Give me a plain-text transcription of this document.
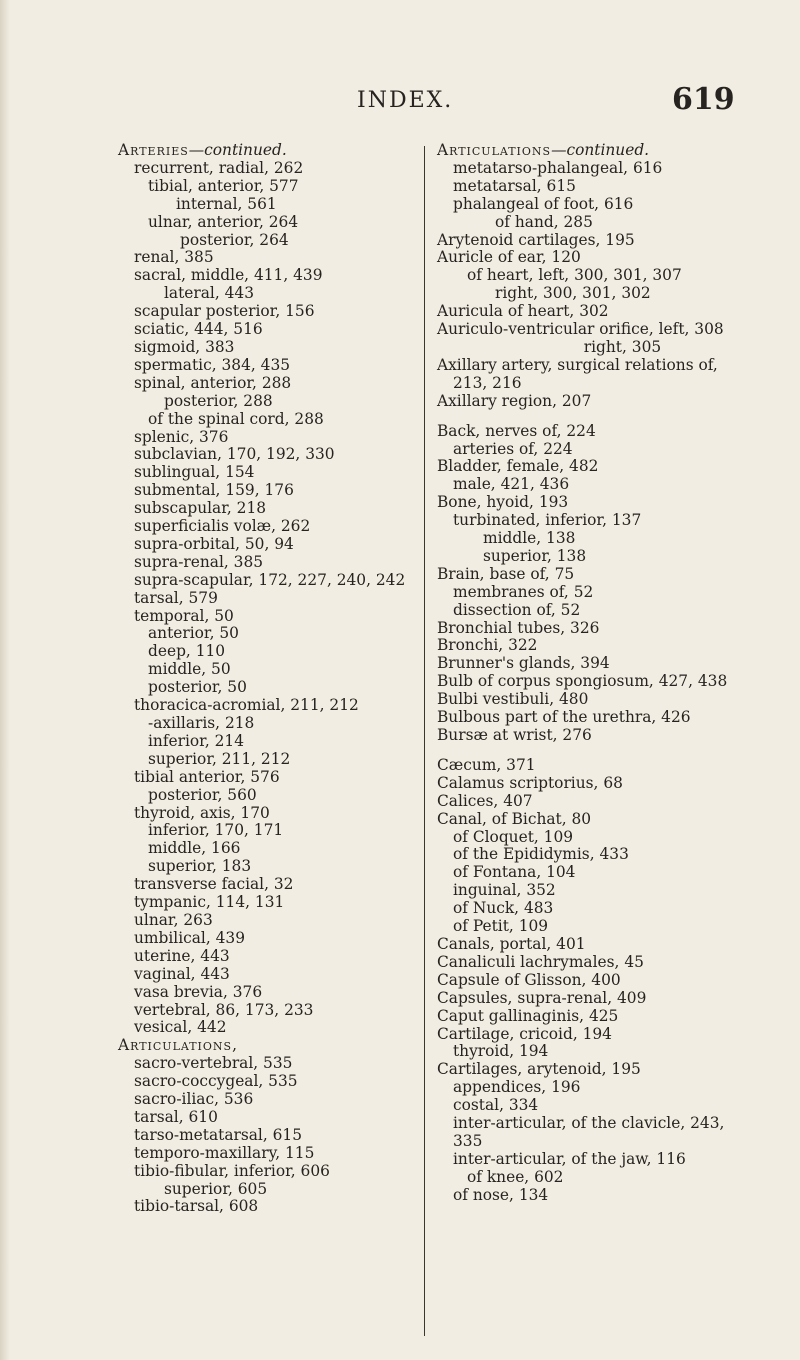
INDEX.	619
Arteries—continued.
recurrent, radial, 262
tibial, anterior, 577
internal, 561
ulnar, anterior, 264
posterior, 264
renal, 385
sacral, middle, 411, 439
lateral, 443
scapular posterior, 156
sciatic, 444, 516
sigmoid, 383
spermatic, 384, 435
spinal, anterior, 288
posterior, 288
of the spinal cord, 288
splenic, 376
subclavian, 170, 192, 330
sublingual, 154
submental, 159, 176
subscapular, 218
superficialis volæ, 262
supra-orbital, 50, 94
supra-renal, 385
supra-scapular, 172, 227, 240, 242
tarsal, 579
temporal, 50
anterior, 50
deep, 110
middle, 50
posterior, 50
thoracica-acromial, 211, 212
-axillaris, 218
inferior, 214
superior, 211, 212
tibial anterior, 576
posterior, 560
thyroid, axis, 170
inferior, 170, 171
middle, 166
superior, 183
transverse facial, 32
tympanic, 114, 131
ulnar, 263
umbilical, 439
uterine, 443
vaginal, 443
vasa brevia, 376
vertebral, 86, 173, 233
vesical, 442
Articulations,
sacro-vertebral, 535
sacro-coccygeal, 535
sacro-iliac, 536
tarsal, 610
tarso-metatarsal, 615
temporo-maxillary, 115
tibio-fibular, inferior, 606
superior, 605
tibio-tarsal, 608
Articulations—continued.
metatarso-phalangeal, 616
metatarsal, 615
phalangeal of foot, 616
of hand, 285
Arytenoid cartilages, 195
Auricle of ear, 120
of heart, left, 300, 301, 307
right, 300, 301, 302
Auricula of heart, 302
Auriculo-ventricular orifice, left, 308
right, 305
Axillary artery, surgical relations of,
213, 216
Axillary region, 207
Back, nerves of, 224
arteries of, 224
Bladder, female, 482
male, 421, 436
Bone, hyoid, 193
turbinated, inferior, 137
middle, 138
superior, 138
Brain, base of, 75
membranes of, 52
dissection of, 52
Bronchial tubes, 326
Bronchi, 322
Brunner's glands, 394
Bulb of corpus spongiosum, 427, 438
Bulbi vestibuli, 480
Bulbous part of the urethra, 426
Bursæ at wrist, 276
Cæcum, 371
Calamus scriptorius, 68
Calices, 407
Canal, of Bichat, 80
of Cloquet, 109
of the Epididymis, 433
of Fontana, 104
inguinal, 352
of Nuck, 483
of Petit, 109
Canals, portal, 401
Canaliculi lachrymales, 45
Capsule of Glisson, 400
Capsules, supra-renal, 409
Caput gallinaginis, 425
Cartilage, cricoid, 194
thyroid, 194
Cartilages, arytenoid, 195
appendices, 196
costal, 334
inter-articular, of the clavicle, 243,
335
inter-articular, of the jaw, 116
of knee, 602
of nose, 134
